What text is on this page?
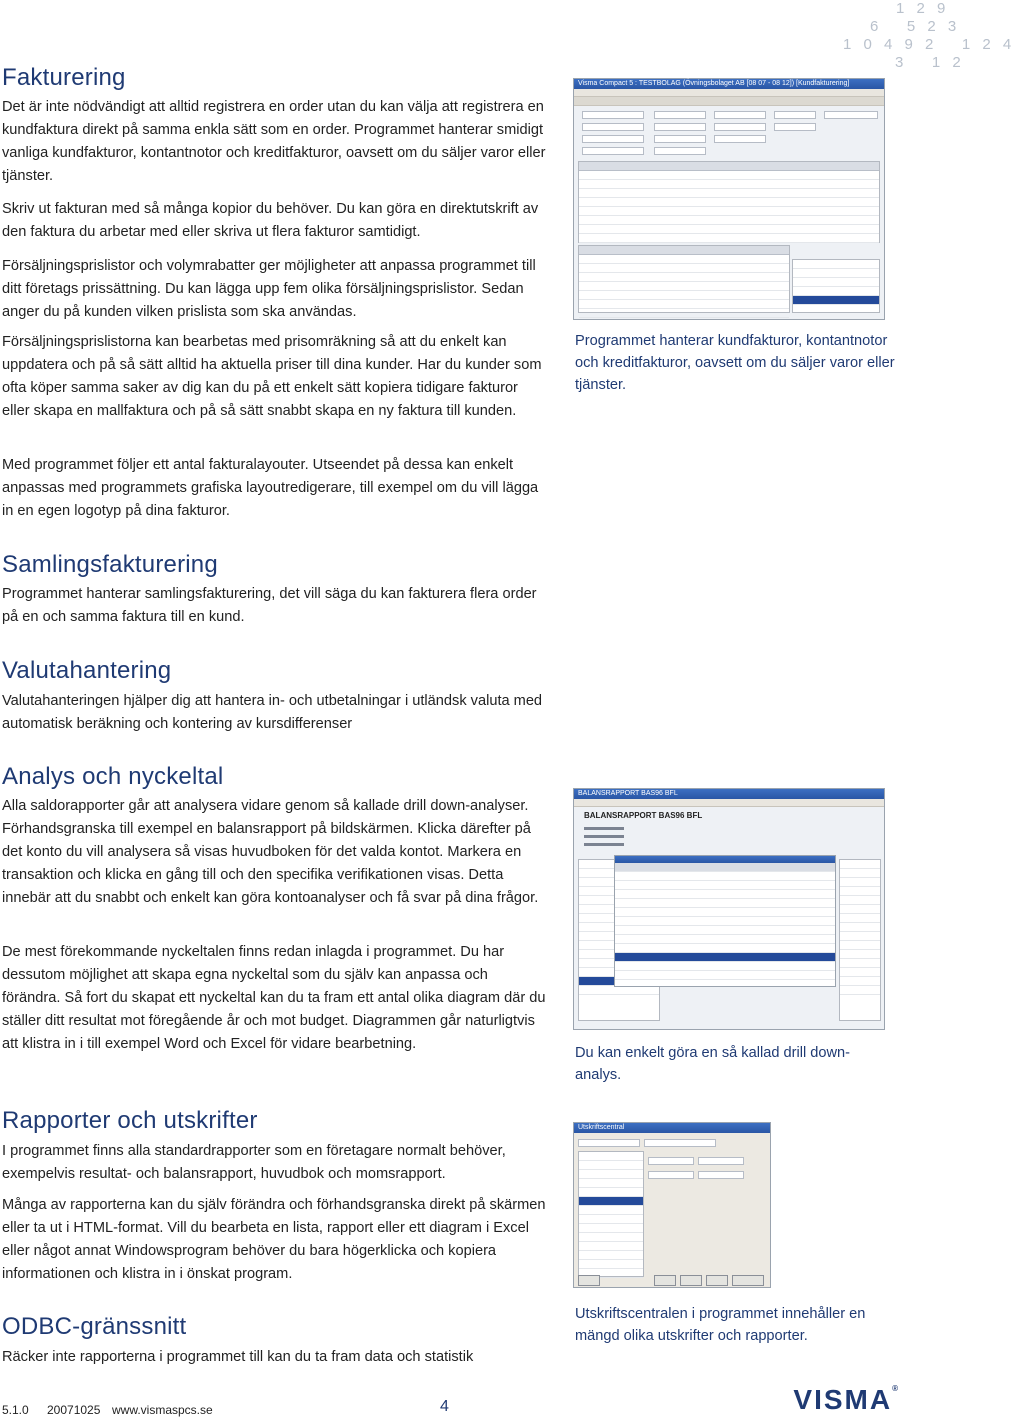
1 2 9
6   5 2 3
1 0 4 9 2   1 2 4
3   1 2
Fakturering

Det är inte nödvändigt att alltid registrera en order utan du kan välja att registrera en kundfaktura direkt på samma enkla sätt som en order. Programmet hanterar smidigt vanliga kundfakturor, kontantnotor och kreditfakturor, oavsett om du säljer varor eller tjänster.

Skriv ut fakturan med så många kopior du behöver. Du kan göra en direktutskrift av den faktura du arbetar med eller skriva ut flera fakturor samtidigt.

Försäljningsprislistor och volymrabatter ger möjligheter att anpassa programmet till ditt företags prissättning. Du kan lägga upp fem olika försäljningsprislistor. Sedan anger du på kunden vilken prislista som ska användas.

Försäljningsprislistorna kan bearbetas med prisomräkning så att du enkelt kan uppdatera och på så sätt alltid ha aktuella priser till dina kunder. Har du kunder som ofta köper samma saker av dig kan du på ett enkelt sätt kopiera tidigare fakturor eller skapa en mallfaktura och på så sätt snabbt skapa en ny faktura till kunden.

Med programmet följer ett antal fakturalayouter. Utseendet på dessa kan enkelt anpassas med programmets grafiska layoutredigerare, till exempel om du vill lägga in en egen logotyp på dina fakturor.

Visma Compact 5 : TESTBOLAG (Övningsbolaget AB [08 07 - 08 12]) [Kundfakturering]
Programmet hanterar kundfakturor, kontantnotor och kreditfakturor, oavsett om du säljer varor eller tjänster.
Samlingsfakturering

Programmet hanterar samlingsfakturering, det vill säga du kan fakturera flera order på en och samma faktura till en kund.

Valutahantering

Valutahanteringen hjälper dig att hantera in- och utbetalningar i utländsk valuta med automatisk beräkning och kontering av kursdifferenser

Analys och nyckeltal

Alla saldorapporter går att analysera vidare genom så kallade drill down-analyser. Förhandsgranska till exempel en balansrapport på bildskärmen. Klicka därefter på det konto du vill analysera så visas huvudboken för det valda kontot. Markera en transaktion och klicka en gång till och den specifika verifikationen visas. Detta innebär att du snabbt och enkelt kan göra kontoanalyser och få svar på dina frågor.

De mest förekommande nyckeltalen finns redan inlagda i programmet. Du har dessutom möjlighet att skapa egna nyckeltal som du själv kan anpassa och förändra. Så fort du skapat ett nyckeltal kan du ta fram ett antal olika diagram där du ställer ditt resultat mot föregående år och mot budget. Diagrammen går naturligtvis att klistra in i till exempel Word och Excel för vidare bearbetning.

BALANSRAPPORT BAS96 BFL
BALANSRAPPORT BAS96 BFL
Du kan enkelt göra en så kallad drill down-analys.
Rapporter och utskrifter

I programmet finns alla standardrapporter som en företagare normalt behöver, exempelvis resultat- och balansrapport, huvudbok och momsrapport.

Många av rapporterna kan du själv förändra och förhandsgranska direkt på skärmen eller ta ut i HTML-format. Vill du bearbeta en lista, rapport eller ett diagram i Excel eller något annat Windowsprogram behöver du bara högerklicka och kopiera informationen och klistra in i önskat program.

Utskriftscentral
Utskriftscentralen i programmet innehåller en mängd olika utskrifter och rapporter.
ODBC-gränssnitt

Räcker inte rapporterna i programmet till kan du ta fram data och statistik

5.1.0 20071025 www.vismaspcs.se	4	VISMA®
